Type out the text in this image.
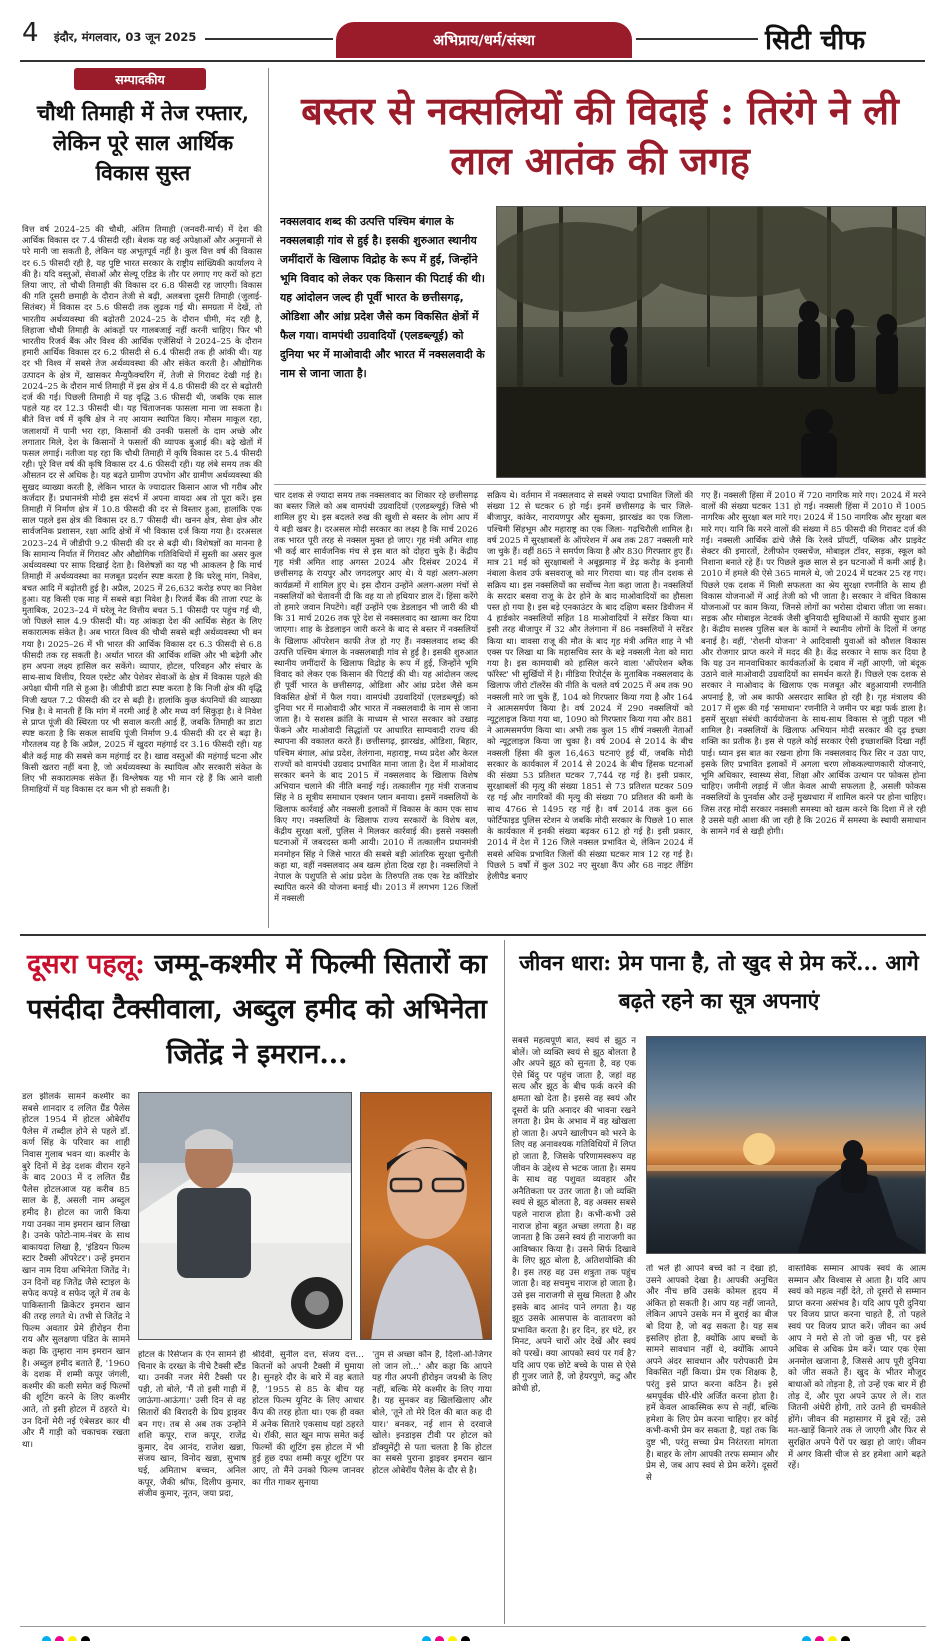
4 इंदौर, मंगलवार, 03 जून 2025	अभिप्राय/धर्म/संस्था	सिटी चीफ
सम्पादकीय
चौथी तिमाही में तेज रफ्तार, लेकिन पूरे साल आर्थिक विकास सुस्त
वित्त वर्ष 2024–25 की चौथी, अंतिम तिमाही (जनवरी-मार्च) में देश की आर्थिक विकास दर 7.4 फीसदी रही। बेशक यह कई अपेक्षाओं और अनुमानों से परे मानी जा सकती है, लेकिन यह अभूतपूर्व नहीं है। कुल वित्त वर्ष की विकास दर 6.5 फीसदी रही है, यह पुष्टि भारत सरकार के राष्ट्रीय सांख्यिकी कार्यालय ने की है। यदि वस्तुओं, सेवाओं और सेल्यू एडिड के तौर पर लगाए गए करों को हटा लिया जाए, तो चौथी तिमाही की विकास दर 6.8 फीसदी रह जाएगी। विकास की गति दूसरी छमाही के दौरान तेजी से बढ़ी, अलबत्ता दूसरी तिमाही (जुलाई-सितंबर) में विकास दर 5.6 फीसदी तक लुढ़क गई थी। समग्रता में देखें, तो भारतीय अर्थव्यवस्था की बढ़ोतरी 2024–25 के दौरान धीमी, मंद रही है, लिहाजा चौथी तिमाही के आंकड़ों पर गालबजाई नहीं करनी चाहिए। फिर भी भारतीय रिजर्व बैंक और विश्व की आर्थिक एजेंसियों ने 2024–25 के दौरान हमारी आर्थिक विकास दर 6.2 फीसदी से 6.4 फीसदी तक ही आंकी थी। यह दर भी विश्व में सबसे तेज अर्थव्यवस्था की और संकेत करती है। औद्योगिक उत्पादन के क्षेत्र में, खासकर मैन्युफैक्चरिंग में, तेजी से गिरावट देखी गई है। 2024–25 के दौरान मार्च तिमाही में इस क्षेत्र में 4.8 फीसदी की दर से बढ़ोतरी दर्ज की गई। पिछली तिमाही में यह वृद्धि 3.6 फीसदी थी, जबकि एक साल पहले यह दर 12.3 फीसदी थी। यह चिंताजनक फासला माना जा सकता है। बीते वित्त वर्ष में कृषि क्षेत्र ने नए आयाम स्थापित किए। मौसम माकूल रहा, जलाशयों में पानी भरा रहा, किसानों की उनकी फसलों के दाम अच्छे और लगातार मिले, देश के किसानों ने फसलों की व्यापक बुआई की। बढ़े खेतों में फसल लगाई। नतीजा यह रहा कि चौथी तिमाही में कृषि विकास दर 5.4 फीसदी रही। पूरे वित्त वर्ष की कृषि विकास दर 4.6 फीसदी रही। यह लंबे समय तक की औसतन दर से अधिक है। यह बढ़ते ग्रामीण उपभोग और ग्रामीण अर्थव्यवस्था की सुखद व्याख्या करती है, लेकिन भारत के ज्यादातर किसान आज भी गरीब और कर्जदार हैं। प्रधानमंत्री मोदी इस संदर्भ में अपना वायदा अब तो पूरा करें। इस तिमाही में निर्माण क्षेत्र में 10.8 फीसदी की दर से विस्तार हुआ, हालांकि एक साल पहले इस क्षेत्र की विकास दर 8.7 फीसदी थी। खनन क्षेत्र, सेवा क्षेत्र और सार्वजनिक प्रशासन, रक्षा आदि क्षेत्रों में भी विकास दर्ज किया गया है। दरअसल 2023–24 में जीडीपी 9.2 फीसदी की दर से बढ़ी थी। विशेषज्ञों का मानना है कि सामान्य निर्यात में गिरावट और औद्योगिक गतिविधियों में सुस्ती का असर कुल अर्थव्यवस्था पर साफ दिखाई देता है। विशेषज्ञों का यह भी आकलन है कि मार्च तिमाही में अर्थव्यवस्था का मजबूत प्रदर्शन स्पष्ट करता है कि घरेलू मांग, निवेश, बचत आदि में बढ़ोतरी हुई है। अप्रैल, 2025 में 26,632 करोड़ रुपए का निवेश हुआ। यह किसी एक माह में सबसे बड़ा निवेश है। रिजर्व बैंक की ताजा रपट के मुताबिक, 2023–24 में घरेलू नेट वित्तीय बचत 5.1 फीसदी पर पहुंच गई थी, जो पिछले साल 4.9 फीसदी थी। यह आंकड़ा देश की आर्थिक सेहत के लिए सकारात्मक संकेत है। अब भारत विश्व की चौथी सबसे बड़ी अर्थव्यवस्था भी बन गया है। 2025–26 में भी भारत की आर्थिक विकास दर 6.3 फीसदी से 6.8 फीसदी तक रह सकती है। अर्थात भारत की आर्थिक शक्ति और भी बढ़ेगी और हम अपना लक्ष्य हासिल कर सकेंगे। व्यापार, होटल, परिवहन और संचार के साथ-साथ वित्तीय, रियल एस्टेट और पेशेवर सेवाओं के क्षेत्र में विकास पहले की अपेक्षा धीमी गति से हुआ है। जीडीपी डाटा स्पष्ट करता है कि निजी क्षेत्र की वृद्धि निजी खपत 7.2 फीसदी की दर से बढ़ी है। हालांकि कुछ कंपनियों की व्याख्या भिन्न है। वे मानती हैं कि मांग में नरमी आई है और मध्य वर्ग सिकुड़ा है। वे निवेश से प्राप्त पूंजी की स्थिरता पर भी सवाल करती आई हैं, जबकि तिमाही का डाटा स्पष्ट करता है कि सकल सावधि पूंजी निर्माण 9.4 फीसदी की दर से बढ़ा है। गौरतलब यह है कि अप्रैल, 2025 में खुदरा महंगाई दर 3.16 फीसदी रही। यह बीते कई माह की सबसे कम महंगाई दर है। खाद्य वस्तुओं की महंगाई घटना और किसी खतरा नहीं बना है, जो अर्थव्यवस्था के स्थायित्व और सरकारी संकेत के लिए भी सकारात्मक संकेत हैं। विश्लेषक यह भी मान रहे हैं कि आने वाली तिमाहियों में यह विकास दर कम भी हो सकती है।
बस्तर से नक्सलियों की विदाई : तिरंगे ने ली लाल आतंक की जगह
नक्सलवाद शब्द की उत्पत्ति पश्चिम बंगाल के नक्सलबाड़ी गांव से हुई है। इसकी शुरुआत स्थानीय जमींदारों के खिलाफ विद्रोह के रूप में हुई, जिन्होंने भूमि विवाद को लेकर एक किसान की पिटाई की थी। यह आंदोलन जल्द ही पूर्वी भारत के छत्तीसगढ़, ओडिशा और आंध्र प्रदेश जैसे कम विकसित क्षेत्रों में फैल गया। वामपंथी उग्रवादियों (एलडब्ल्यूई) को दुनिया भर में माओवादी और भारत में नक्सलवादी के नाम से जाना जाता है।
चार दशक से ज्यादा समय तक नक्सलवाद का शिकार रहे छत्तीसगढ़ का बस्तर जिले को अब वामपंथी उग्रवादियों (एलडब्ल्यूई) जिसे भी शामिल हुए थे। इस बदलते रुख की खुशी से बस्तर के लोग आप में ये बड़ी खबर है। दरअसल मोदी सरकार का लक्ष्य है कि मार्च 2026 तक भारत पूरी तरह से नक्सल मुक्त हो जाए। गृह मंत्री अमित शाह भी कई बार सार्वजनिक मंच से इस बात को दोहरा चुके हैं। केंद्रीय गृह मंत्री अमित शाह अगस्त 2024 और दिसंबर 2024 में छत्तीसगढ़ के रायपुर और जगदलपुर आए थे। ये यहां अलग-अलग कार्यक्रमों में शामिल हुए थे। इस दौरान उन्होंने अलग-अलग मंचों से नक्सलियों को चेतावनी दी कि वह या तो हथियार डाल दें। हिंसा करेंगे तो हमारे जवान निपटेंगे। वहीं उन्होंने एक डेडलाइन भी जारी की थी कि 31 मार्च 2026 तक पूरे देश से नक्सलवाद का खात्मा कर दिया जाएगा। शाह के डेडलाइन जारी करने के बाद से बस्तर में नक्सलियों के खिलाफ ऑपरेशन काफी तेज हो गए हैं। नक्सलवाद शब्द की उत्पत्ति पश्चिम बंगाल के नक्सलबाड़ी गांव से हुई है। इसकी शुरुआत स्थानीय जमींदारों के खिलाफ विद्रोह के रूप में हुई, जिन्होंने भूमि विवाद को लेकर एक किसान की पिटाई की थी। यह आंदोलन जल्द ही पूर्वी भारत के छत्तीसगढ़, ओडिशा और आंध्र प्रदेश जैसे कम विकसित क्षेत्रों में फैल गया। वामपंथी उग्रवादियों (एलडब्ल्यूई) को दुनिया भर में माओवादी और भारत में नक्सलवादी के नाम से जाना जाता है। ये सशस्त्र क्रांति के माध्यम से भारत सरकार को उखाड़ फेंकने और माओवादी सिद्धांतों पर आधारित साम्यवादी राज्य की स्थापना की वकालत करते हैं। छत्तीसगढ़, झारखंड, ओडिशा, बिहार, पश्चिम बंगाल, आंध्र प्रदेश, तेलंगाना, महाराष्ट्र, मध्य प्रदेश और केरल राज्यों को वामपंथी उग्रवाद प्रभावित माना जाता है। देश में माओवाद सरकार बनने के बाद 2015 में नक्सलवाद के खिलाफ विशेष अभियान चलाने की नीति बनाई गई। तत्कालीन गृह मंत्री राजनाथ सिंह ने 8 सूत्रीय समाधान एक्शन प्लान बनाया। इसमें नक्सलियों के खिलाफ कार्रवाई और नक्सली इलाकों में विकास के काम एक साथ किए गए। नक्सलियों के खिलाफ राज्य सरकारों के विशेष बल, केंद्रीय सुरक्षा बलों, पुलिस ने मिलकर कार्रवाई की। इससे नक्सली घटनाओं में जबरदस्त कमी आयी। 2010 में तत्कालीन प्रधानमंत्री मनमोहन सिंह ने जिसे भारत की सबसे बड़ी आंतरिक सुरक्षा चुनौती कहा था, वहीं नक्सलवाद अब खत्म होता दिख रहा है। नक्सलियों ने नेपाल के पशुपति से आंध्र प्रदेश के तिरुपति तक एक रेड कॉरिडोर स्थापित करने की योजना बनाई थी। 2013 में लगभग 126 जिलों में नक्सली
सक्रिय थे। वर्तमान में नक्सलवाद से सबसे ज्यादा प्रभावित जिलों की संख्या 12 से घटकर 6 हो गई। इनमें छत्तीसगढ़ के चार जिले- बीजापुर, कांकेर, नारायणपुर और सुकमा, झारखंड का एक जिला- पश्चिमी सिंहभूम और महाराष्ट्र का एक जिला- गढ़चिरौली शामिल है। वर्ष 2025 में सुरक्षाबलों के ऑपरेशन में अब तक 287 नक्सली मारे जा चुके हैं। वहीं 865 ने समर्पण किया है और 830 गिरफ्तार हुए हैं। मात्र 21 मई को सुरक्षाबलों ने अबूझमाड़ में डेढ़ करोड़ के इनामी नंबाला केशव उर्फ बसवराजू को मार गिराया था। यह तीन दशक से सक्रिय था। इस नक्सलियों का सर्वोच्च नेता कहा जाता है। नक्सलियों के सरदार बसवा राजू के ढेर होने के बाद माओवादियों का हौसला पस्त हो गया है। इस बड़े एनकाउंटर के बाद दक्षिण बस्तर डिवीजन में 4 हार्डकोर नक्सलियों सहित 18 माओवादियों ने सरेंडर किया था। इसी तरह बीजापुर में 32 और तेलंगाना में 86 नक्सलियों ने सरेंडर किया था। वावसा राजू की मौत के बाद गृह मंत्री अमित शाह ने भी एक्स पर लिखा था कि महासचिव स्तर के बड़े नक्सली नेता को मारा गया है। इस कामयाबी को हासिल करने वाला 'ऑपरेशन ब्लैक फॉरेस्ट' भी सुर्खियों में है। मीडिया रिपोर्ट्स के मुताबिक नक्सलवाद के खिलाफ जीरो टॉलरेंस की नीति के चलते वर्ष 2025 में अब तक 90 नक्सली मारे जा चुके हैं, 104 को गिरफ्तार किया गया है और 164 ने आत्मसमर्पण किया है। वर्ष 2024 में 290 नक्सलियों को न्यूट्रलाइज किया गया था, 1090 को गिरफ्तार किया गया और 881 ने आत्मसमर्पण किया था। अभी तक कुल 15 शीर्ष नक्सली नेताओं को न्यूट्रलाइज किया जा चुका है। वर्ष 2004 से 2014 के बीच नक्सली हिंसा की कुल 16,463 घटनाएं हुई थीं, जबकि मोदी सरकार के कार्यकाल में 2014 से 2024 के बीच हिंसक घटनाओं की संख्या 53 प्रतिशत घटकर 7,744 रह गई है। इसी प्रकार, सुरक्षाबलों की मृत्यु की संख्या 1851 से 73 प्रतिशत घटकर 509 रह गई और नागरिकों की मृत्यु की संख्या 70 प्रतिशत की कमी के साथ 4766 से 1495 रह गई है। वर्ष 2014 तक कुल 66 फोर्टिफाइड पुलिस स्टेशन थे जबकि मोदी सरकार के पिछले 10 साल के कार्यकाल में इनकी संख्या बढ़कर 612 हो गई है। इसी प्रकार, 2014 में देश में 126 जिले नक्सल प्रभावित थे, लेकिन 2024 में सबसे अधिक प्रभावित जिलों की संख्या घटकर मात्र 12 रह गई है। पिछले 5 वर्षों में कुल 302 नए सुरक्षा कैंप और 68 नाइट लैंडिंग हेलीपैड बनाए
गए हैं। नक्सली हिंसा में 2010 में 720 नागरिक मारे गए। 2024 में मरने वालों की संख्या घटकर 131 हो गई। नक्सली हिंसा में 2010 में 1005 नागरिक और सुरक्षा बल मारे गए। 2024 में 150 नागरिक और सुरक्षा बल मारे गए। यानि कि मरने वालों की संख्या में 85 फीसदी की गिरावट दर्ज की गई। नक्सली आर्थिक ढांचे जैसे कि रेलवे प्रॉपर्टी, पब्लिक और प्राइवेट सेक्टर की इमारतों, टेलीफोन एक्सचेंज, मोबाइल टॉवर, सड़क, स्कूल को निशाना बनाते रहे हैं। पर पिछले कुछ साल से इन घटनाओं में कमी आई है। 2010 में हमले की ऐसे 365 मामले थे, जो 2024 में घटकर 25 रह गए। पिछले एक दशक में मिली सफलता का श्रेय सुरक्षा रणनीति के साथ ही विकास योजनाओं में आई तेजी को भी जाता है। सरकार ने वंचित विकास योजनाओं पर काम किया, जिनसे लोगों का भरोसा दोबारा जीता जा सका। सड़क और मोबाइल नेटवर्क जैसी बुनियादी सुविधाओं में काफी सुधार हुआ है। केंद्रीय सशस्त्र पुलिस बल के कामों ने स्थानीय लोगों के दिलों में जगह बनाई है। वहीं, 'रोशनी योजना' ने आदिवासी युवाओं को कौशल विकास और रोजगार प्राप्त करने में मदद की है। केंद्र सरकार ने साफ कर दिया है कि यह उन मानवाधिकार कार्यकर्ताओं के दबाव में नहीं आएगी, जो बंदूक उठाने वाले माओवादी उग्रवादियों का समर्थन करते हैं। पिछले एक दशक से सरकार ने माओवाद के खिलाफ एक मजबूत और बहुआयामी रणनीति अपनाई है, जो अब काफी असरदार साबित हो रही है। गृह मंत्रालय की 2017 में शुरू की गई 'समाधान' रणनीति ने जमीन पर बड़ा फर्क डाला है। इसमें सुरक्षा संबंधी कार्ययोजना के साथ-साथ विकास से जुड़ी पहल भी शामिल है। नक्सलियों के खिलाफ अभियान मोदी सरकार की दृढ़ इच्छा शक्ति का प्रतीक है। इस से पहले कोई सरकार ऐसी इच्छाशक्ति दिखा नहीं पाई। ध्यान इस बात का रखना होगा कि नक्सलवाद फिर सिर न उठा पाए, इसके लिए प्रभावित इलाकों में अगला चरण लोककल्याणकारी योजनाएं, भूमि अधिकार, स्वास्थ्य सेवा, शिक्षा और आर्थिक उत्थान पर फोकस होना चाहिए। जमीनी लड़ाई में जीत केवल आधी सफलता है, असली फोकस नक्सलियों के पुनर्वास और उन्हें मुख्यधारा में शामिल करने पर होना चाहिए। जिस तरह मोदी सरकार नक्सली समस्या को खत्म करने कि दिशा में ले रही है उससे यही आशा की जा रही है कि 2026 में समस्या के स्थायी समाधान के सामने गर्व से खड़ी होगी।
दूसरा पहलू: जम्मू-कश्मीर में फिल्मी सितारों का पसंदीदा टैक्सीवाला, अब्दुल हमीद को अभिनेता जितेंद्र ने इमरान...
डल झीलके सामने कश्मीर का सबसे शानदार द ललित ग्रैंड पैलेस होटल 1954 में होटल ओबेरॉय पैलेस में तब्दील होने से पहले डॉ. कर्ण सिंह के परिवार का शाही निवास गुलाब भवन था। कश्मीर के बुरे दिनों में डेढ़ दशक वीरान रहने के बाद 2003 में द ललित ग्रैंड पैलेस होटलआज यह करीब 85 साल के हैं, असली नाम अब्दुल हमीद है। होटल का जारी किया गया उनका नाम इमरान खान लिखा है। उनके फोटो-नाम-नंबर के साथ बाकायदा लिखा है, 'इंडियन फिल्म स्टार टैक्सी ऑपरेटर'। उन्हें इमरान खान नाम दिया अभिनेता जितेंद्र ने। उन दिनों वह जितेंद्र जैसे स्टाइल के सफेद कपड़े व सफेद जूते में तब के पाकिस्तानी क्रिकेटर इमरान खान की तरह लगते थे। तभी से जितेंद्र ने फिल्म अवतार प्रेमे हीरोइन रीना राय और सुलक्षणा पंडित के सामने कहा कि तुम्हारा नाम इमरान खान है। अब्दुल हमीद बताते हैं, '1960 के दशक में शम्मी कपूर जंगली, कश्मीर की कली समेत कई फिल्मों की शूटिंग करने के लिए कश्मीर आते, तो इसी होटल में ठहरते थे। उन दिनों मेरी नई एंबेसडर कार थी और मैं गाड़ी को चकाचक रखता था।
होटल के रिसेप्शन के ऐन सामने ही चिनार के दरख्त के नीचे टैक्सी स्टैंड था। उनकी नजर मेरी टैक्सी पर पड़ी, तो बोले, 'मैं तो इसी गाड़ी में जाऊंगा-आऊंगा।' उसी दिन से वह सितारों की बिरादरी के प्रिय ड्राइवर बन गए। तब से अब तक उन्होंने शशि कपूर, राज कपूर, राजेंद्र कुमार, देव आनंद, राजेश खन्ना, संजय खान, विनोद खन्ना, सुभाष घई, अमिताभ बच्चन, अनिल कपूर, जैकी श्रॉफ, दिलीप कुमार, संजीव कुमार, नूतन, जया प्रदा,
श्रीदेवी, सुनील दत्त, संजय दत्त…कितनों को अपनी टैक्सी में घुमाया है। सुनहरे दौर के बारे में वह बताते हैं, '1955 से 85 के बीच यह होटल फिल्म यूनिट के लिए आधार कैंप की तरह होता था। एक ही वक्त में अनेक सितारे एकसाथ यहां ठहरते थे। रॉकी, सात खून माफ समेत कई फिल्मों की शूटिंग इस होटल में भी हुई हुछ दफा शम्मी कपूर शूटिंग पर आए, तो मैंने उनको फिल्म जानवर का गीत गाकर सुनाया
'तुम से अच्छा कौन है, दिलो-ओ-जिगर लो जान लो...' और कहा कि आपने यह गीत अपनी हीरोइन जयश्री के लिए नहीं, बल्कि मेरे कश्मीर के लिए गाया है। यह सुनकर वह खिलखिलाए और बोले, 'तूने तो मेरे दिल की बात कह दी यार।' बनकर, नई शान से दरवाजे खोले। इनडाइस टीवी पर होटल को डॉक्युमेंट्री से पता चलता है कि होटल का सबसे पुराना ड्राइवर इमरान खान होटल ओबेरॉय पैलेस के दौर से है।
जीवन धारा: प्रेम पाना है, तो खुद से प्रेम करें... आगे बढ़ते रहने का सूत्र अपनाएं
सबसे महत्वपूर्ण बात, स्वयं से झूठ न बोलें। जो व्यक्ति स्वयं से झूठ बोलता है और अपने झूठ को सुनता है, वह एक ऐसे बिंदु पर पहुंच जाता है, जहां वह सत्य और झूठ के बीच फर्क करने की क्षमता खो देता है। इससे वह स्वयं और दूसरों के प्रति अनादर की भावना रखने लगता है। प्रेम के अभाव में वह खोखला हो जाता है। अपने खालीपन को भरने के लिए वह अनावश्यक गतिविधियों में लिप्त हो जाता है, जिसके परिणामस्वरूप वह जीवन के उद्देश्य से भटक जाता है। समय के साथ वह पशुवत व्यवहार और अनैतिकता पर उतर जाता है। जो व्यक्ति स्वयं से झूठ बोलता है, वह अक्सर सबसे पहले नाराज होता है। कभी-कभी उसे नाराज होना बहुत अच्छा लगता है। वह जानता है कि उसने स्वयं ही नाराजगी का आविष्कार किया है। उसने सिर्फ दिखावे के लिए झूठ बोला है, अतिशयोक्ति की है। इस तरह वह उस शत्रुता तक पहुंच जाता है। वह सचमुच नाराज हो जाता है। उसे इस नाराजगी से सुख मिलता है और इसके बाद आनंद पाने लगता है। यह झूठ उसके आसपास के वातावरण को प्रभावित करता है। हर दिन, हर घंटे, हर मिनट, अपने चारों ओर देखें और स्वयं को परखें। क्या आपको स्वयं पर गर्व है? यदि आप एक छोटे बच्चे के पास से ऐसे ही गुजर जाते हैं, जो हेयरपुणे, कटु और क्रोधी हो,
तो भले ही आपने बच्चे को न देखा हो, उसने आपको देखा है। आपकी अनुचित और नीच छवि उसके कोमल हृदय में अंकित हो सकती है। आप यह नहीं जानते, लेकिन आपने उसके मन में बुराई का बीज बो दिया है, जो बढ़ सकता है। यह सब इसलिए होता है, क्योंकि आप बच्चों के सामने सावधान नहीं थे, क्योंकि आपने अपने अंदर सावधान और परोपकारी प्रेम विकसित नहीं किया। प्रेम एक शिक्षक है, परंतु इसे प्राप्त करना कठिन है। इसे श्रमपूर्वक धीरे-धीरे अर्जित करना होता है। हमें केवल आकस्मिक रूप से नहीं, बल्कि हमेशा के लिए प्रेम करना चाहिए। हर कोई कभी-कभी प्रेम कर सकता है, यहां तक कि दुष्ट भी, परंतु सच्चा प्रेम निरंतरता मांगता है। बाहर के लोग आपकी तरफ सम्मान और प्रेम से, जब आप स्वयं से प्रेम करेंगे। दूसरों से
वास्तविक सम्मान आपके स्वयं के आत्म सम्मान और विश्वास से आता है। यदि आप स्वयं को महत्व नहीं देते, तो दूसरों से सम्मान प्राप्त करना असंभव है। यदि आप पूरी दुनिया पर विजय प्राप्त करना चाहते हैं, तो पहले स्वयं पर विजय प्राप्त करें। जीवन का अर्थ आप ने मरो से तो जो कुछ भी, पर इसे अधिक से अधिक प्रेम करें। प्यार एक ऐसा अनमोल खजाना है, जिससे आप पूरी दुनिया को जीत सकते हैं। खुद के भीतर मौजूद बाधाओं को तोड़ना है, तो उन्हें एक बार में ही तोड़ दें, और पूरा अपने ऊपर ले लें। रात जितनी अंधेरी होगी, तारे उतने ही चमकीले होंगे। जीवन की महासागर में डूबे रहें; उसे मत-खाड़ें किनारे तक ले जाएगी और फिर से सुरक्षित अपने पैरों पर खड़ा हो जाएं। जीवन में अगर किसी चीज से डर हमेशा आगे बढ़ते रहें।
